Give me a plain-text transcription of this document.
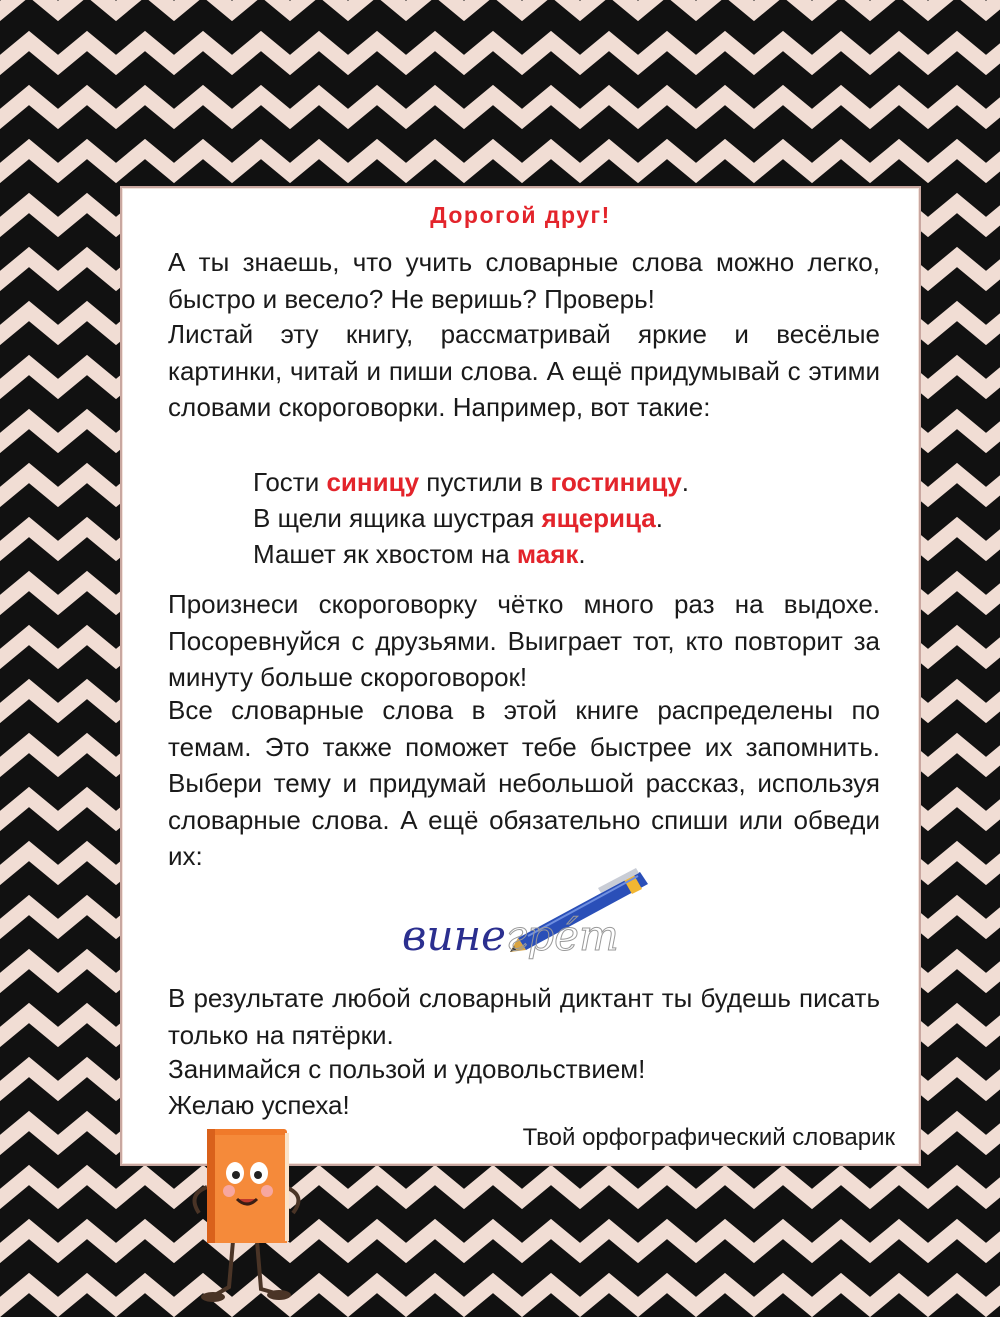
Дорогой друг!

А ты знаешь, что учить словарные слова можно легко, быстро и весело? Не веришь? Проверь!

Листай эту книгу, рассматривай яркие и весёлые картинки, читай и пиши слова. А ещё придумывай с этими словами скороговорки. Например, вот такие:

Гости синицу пустили в гостиницу.
В щели ящика шустрая ящерица.
Машет як хвостом на маяк.

Произнеси скороговорку чётко много раз на выдохе. Посоревнуйся с друзьями. Выиграет тот, кто повторит за минуту больше скороговорок!

Все словарные слова в этой книге распределены по темам. Это также поможет тебе быстрее их запомнить. Выбери тему и придумай небольшой рассказ, используя словарные слова. А ещё обязательно спиши или обведи их:

В результате любой словарный диктант ты будешь писать только на пятёрки.

Занимайся с пользой и удовольствием!
Желаю успеха!
Твой орфографический словарик
вине грéт
